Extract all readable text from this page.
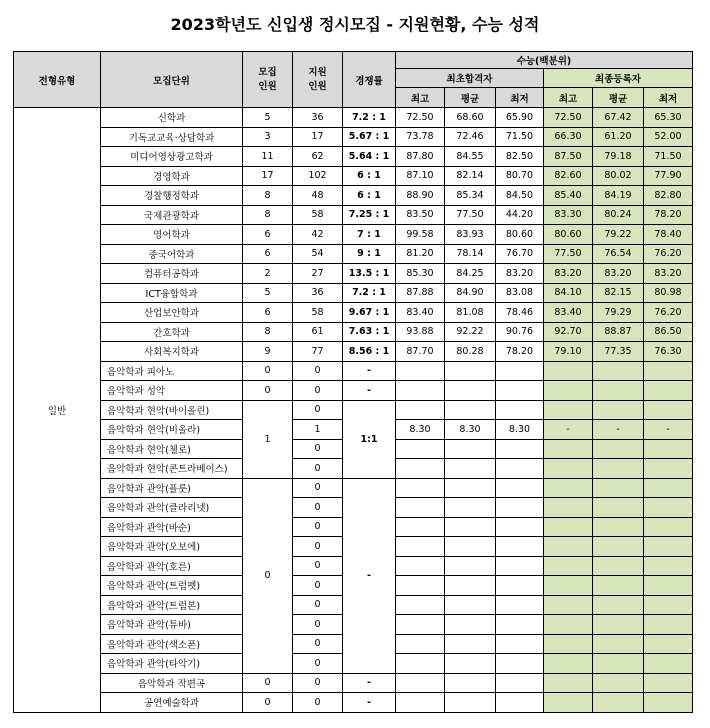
2023학년도 신입생 정시모집 - 지원현황, 수능 성적
전형유형	모집단위	모집
인원	지원
인원	경쟁률	수능(백분위)					
					최초합격자			최종등록자		
					최고	평균	최저	최고	평균	최저
일반	신학과	5	36	7.2 : 1	72.50	68.60	65.90	72.50	67.42	65.30
	기독교교육·상담학과	3	17	5.67 : 1	73.78	72.46	71.50	66.30	61.20	52.00
	미디어영상광고학과	11	62	5.64 : 1	87.80	84.55	82.50	87.50	79.18	71.50
	경영학과	17	102	6 : 1	87.10	82.14	80.70	82.60	80.02	77.90
	경찰행정학과	8	48	6 : 1	88.90	85.34	84.50	85.40	84.19	82.80
	국제관광학과	8	58	7.25 : 1	83.50	77.50	44.20	83.30	80.24	78.20
	영어학과	6	42	7 : 1	99.58	83.93	80.60	80.60	79.22	78.40
	중국어학과	6	54	9 : 1	81.20	78.14	76.70	77.50	76.54	76.20
	컴퓨터공학과	2	27	13.5 : 1	85.30	84.25	83.20	83.20	83.20	83.20
	ICT융합학과	5	36	7.2 : 1	87.88	84.90	83.08	84.10	82.15	80.98
	산업보안학과	6	58	9.67 : 1	83.40	81.08	78.46	83.40	79.29	76.20
	간호학과	8	61	7.63 : 1	93.88	92.22	90.76	92.70	88.87	86.50
	사회복지학과	9	77	8.56 : 1	87.70	80.28	78.20	79.10	77.35	76.30
	음악학과 피아노	0	0	-						
	음악학과 성악	0	0	-						
	음악학과 현악(바이올린)	1	0	1:1						
	음악학과 현악(비올라)		1		8.30	8.30	8.30	-	-	-
	음악학과 현악(첼로)		0							
	음악학과 현악(콘트라베이스)		0							
	음악학과 관악(플룻)	0	0	-						
	음악학과 관악(클라리넷)		0							
	음악학과 관악(바순)		0							
	음악학과 관악(오보에)		0							
	음악학과 관악(호른)		0							
	음악학과 관악(트럼펫)		0							
	음악학과 관악(트럼본)		0							
	음악학과 관악(튜바)		0							
	음악학과 관악(색소폰)		0							
	음악학과 관악(타악기)		0							
	음악학과 작편곡	0	0	-						
	공연예술학과	0	0	-						
